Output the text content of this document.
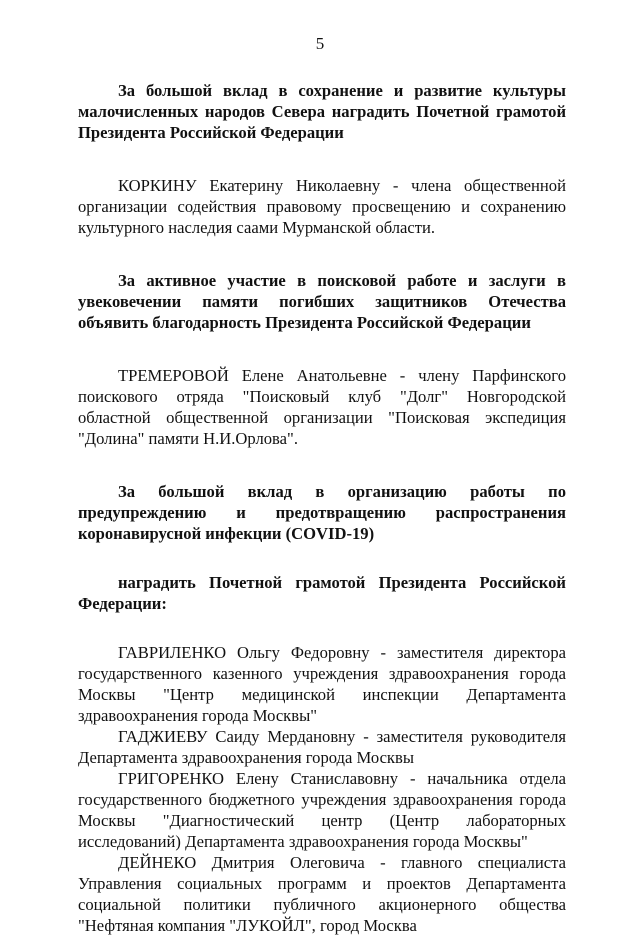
5

За большой вклад в сохранение и развитие культуры малочисленных народов Севера наградить Почетной грамотой Президента Российской Федерации

КОРКИНУ Екатерину Николаевну - члена общественной организации содействия правовому просвещению и сохранению культурного наследия саами Мурманской области.

За активное участие в поисковой работе и заслуги в увековечении памяти погибших защитников Отечества объявить благодарность Президента Российской Федерации

ТРЕМЕРОВОЙ Елене Анатольевне - члену Парфинского поискового отряда "Поисковый клуб "Долг" Новгородской областной общественной организации "Поисковая экспедиция "Долина" памяти Н.И.Орлова".

За большой вклад в организацию работы по предупреждению и предотвращению распространения коронавирусной инфекции (COVID-19)

наградить Почетной грамотой Президента Российской Федерации:

ГАВРИЛЕНКО Ольгу Федоровну - заместителя директора государственного казенного учреждения здравоохранения города Москвы "Центр медицинской инспекции Департамента здравоохранения города Москвы"

ГАДЖИЕВУ Саиду Мердановну - заместителя руководителя Департамента здравоохранения города Москвы

ГРИГОРЕНКО Елену Станиславовну - начальника отдела государственного бюджетного учреждения здравоохранения города Москвы "Диагностический центр (Центр лабораторных исследований) Департамента здравоохранения города Москвы"

ДЕЙНЕКО Дмитрия Олеговича - главного специалиста Управления социальных программ и проектов Департамента социальной политики публичного акционерного общества "Нефтяная компания "ЛУКОЙЛ", город Москва
